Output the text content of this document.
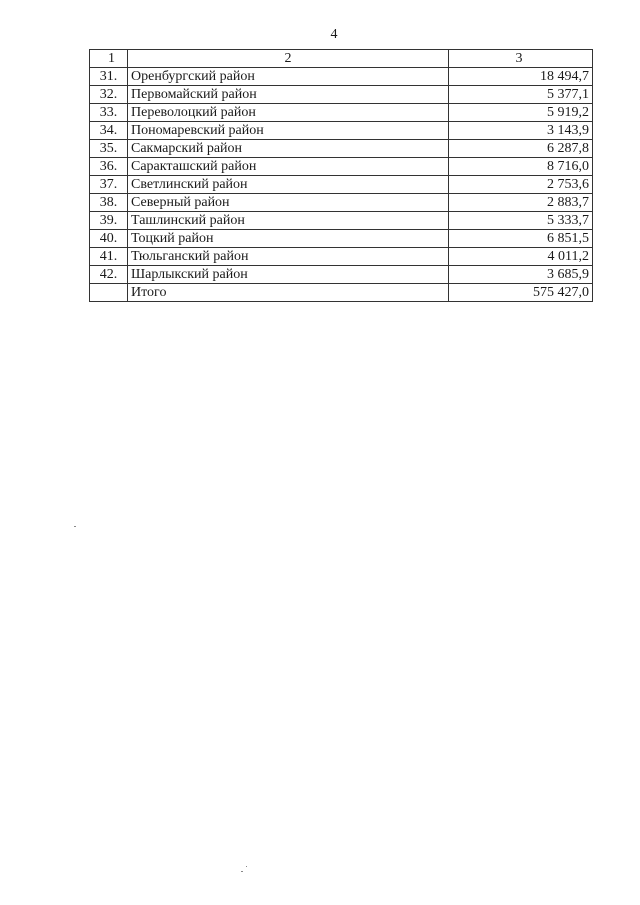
4
1	2	3
31.	Оренбургский район	18 494,7
32.	Первомайский район	5 377,1
33.	Переволоцкий район	5 919,2
34.	Пономаревский район	3 143,9
35.	Сакмарский район	6 287,8
36.	Саракташский район	8 716,0
37.	Светлинский район	2 753,6
38.	Северный район	2 883,7
39.	Ташлинский район	5 333,7
40.	Тоцкий район	6 851,5
41.	Тюльганский район	4 011,2
42.	Шарлыкский район	3 685,9
	Итого	575 427,0
